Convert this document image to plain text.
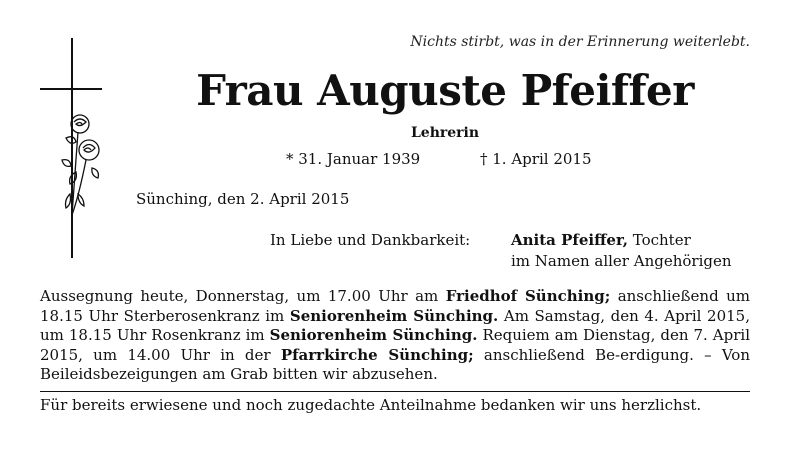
Nichts stirbt, was in der Erinnerung weiterlebt.
Frau Auguste Pfeiffer
Lehrerin
* 31. Januar 1939	† 1. April 2015
Sünching, den 2. April 2015
In Liebe und Dankbarkeit:	Anita Pfeiffer, Tochter
im Namen aller Angehörigen
Aussegnung heute, Donnerstag, um 17.00 Uhr am Friedhof Sünching; anschließend um 18.15 Uhr Sterberosenkranz im Seniorenheim Sünching. Am Samstag, den 4. April 2015, um 18.15 Uhr Rosenkranz im Seniorenheim Sünching. Requiem am Dienstag, den 7. April 2015, um 14.00 Uhr in der Pfarrkirche Sünching; anschließend Be-erdigung. – Von Beileidsbezeigungen am Grab bitten wir abzusehen.
Für bereits erwiesene und noch zugedachte Anteilnahme bedanken wir uns herzlichst.
